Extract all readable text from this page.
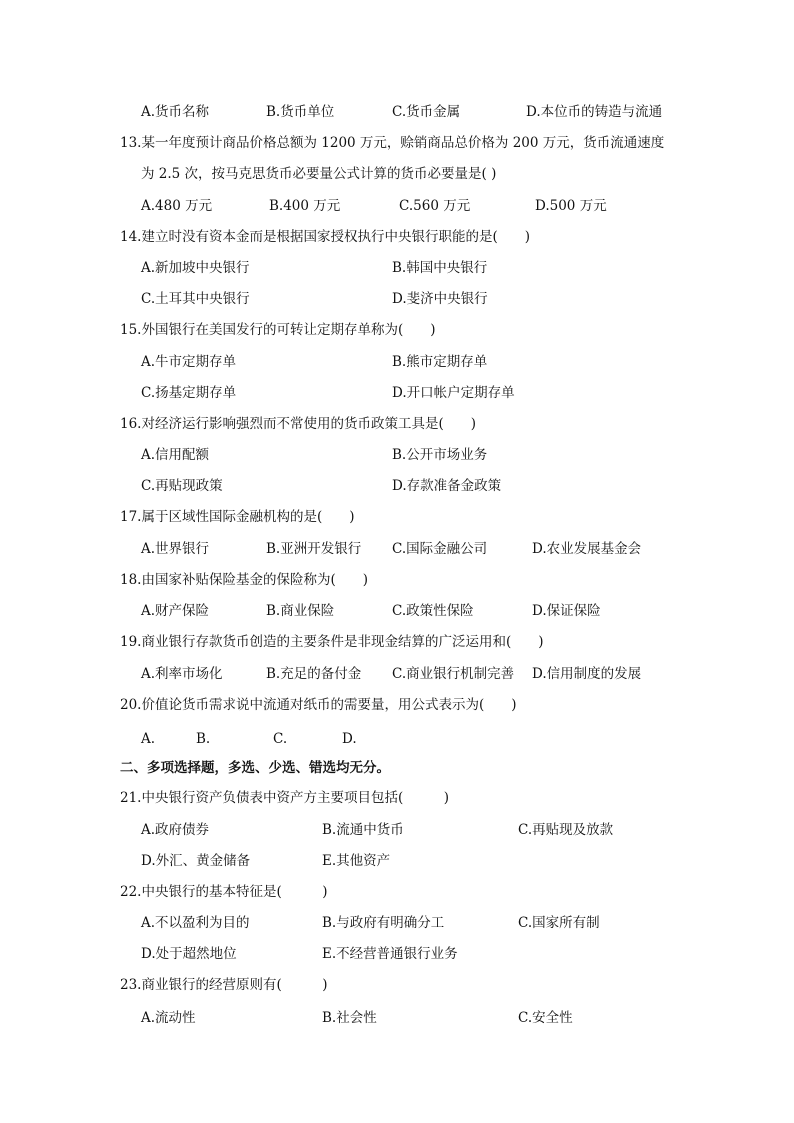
A.货币名称	B.货币单位	C.货币金属	D.本位币的铸造与流通
13.某一年度预计商品价格总额为 1200 万元，赊销商品总价格为 200 万元，货币流通速度
为 2.5 次，按马克思货币必要量公式计算的货币必要量是( )
A.480 万元	B.400 万元	C.560 万元	D.500 万元
14.建立时没有资本金而是根据国家授权执行中央银行职能的是(　　)
A.新加坡中央银行	B.韩国中央银行
C.土耳其中央银行	D.斐济中央银行
15.外国银行在美国发行的可转让定期存单称为(　　)
A.牛市定期存单	B.熊市定期存单
C.扬基定期存单	D.开口帐户定期存单
16.对经济运行影响强烈而不常使用的货币政策工具是(　　)
A.信用配额	B.公开市场业务
C.再贴现政策	D.存款准备金政策
17.属于区域性国际金融机构的是(　　)
A.世界银行	B.亚洲开发银行 C.国际金融公司	D.农业发展基金会
18.由国家补贴保险基金的保险称为(　　)
A.财产保险	B.商业保险	C.政策性保险	D.保证保险
19.商业银行存款货币创造的主要条件是非现金结算的广泛运用和(　　)
A.利率市场化	B.充足的备付金 C.商业银行机制完善 D.信用制度的发展
20.价值论货币需求说中流通对纸币的需要量，用公式表示为(　　)
A.	B.	C.	D.
二、多项选择题，多选、少选、错选均无分。
21.中央银行资产负债表中资产方主要项目包括(　　　)
A.政府债券	B.流通中货币	C.再贴现及放款
D.外汇、黄金储备	E.其他资产
22.中央银行的基本特征是(　　　)
A.不以盈利为目的	B.与政府有明确分工	C.国家所有制
D.处于超然地位	E.不经营普通银行业务
23.商业银行的经营原则有(　　　)
A.流动性	B.社会性	C.安全性
